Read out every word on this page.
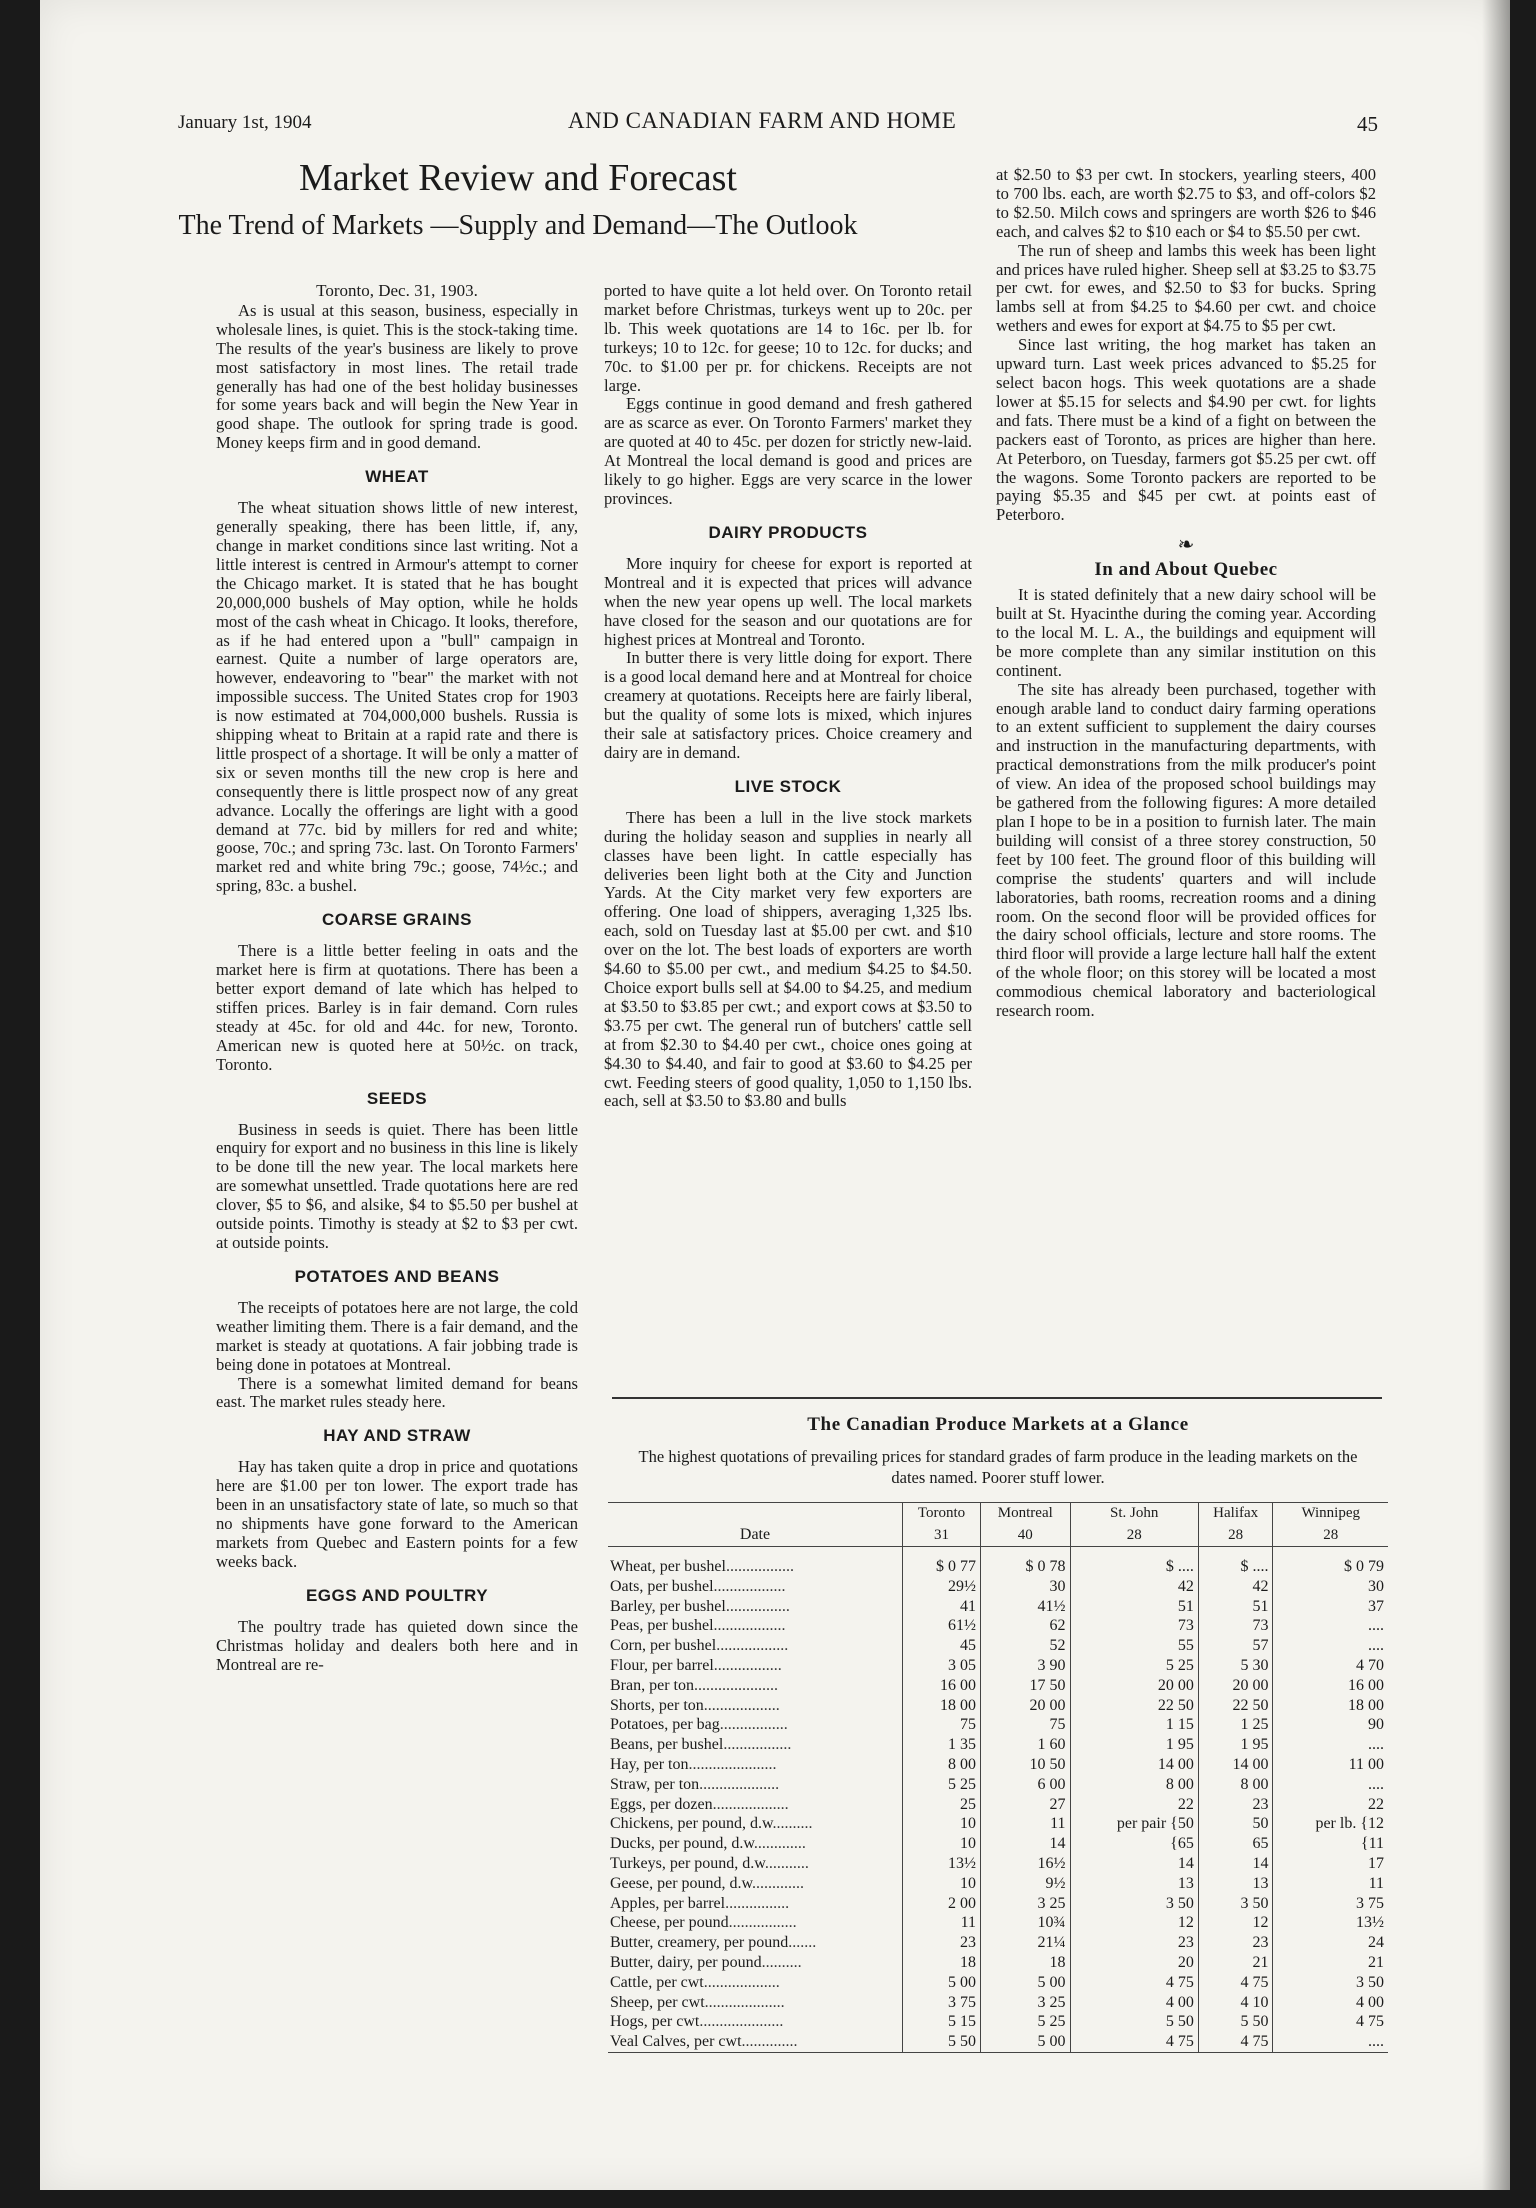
January 1st, 1904	AND CANADIAN FARM AND HOME	45
Market Review and Forecast
The Trend of Markets —Supply and Demand—The Outlook

Toronto, Dec. 31, 1903.

As is usual at this season, business, especially in wholesale lines, is quiet. This is the stock-taking time. The results of the year's business are likely to prove most satisfactory in most lines. The retail trade generally has had one of the best holiday businesses for some years back and will begin the New Year in good shape. The outlook for spring trade is good. Money keeps firm and in good demand.

WHEAT

The wheat situation shows little of new interest, generally speaking, there has been little, if, any, change in market conditions since last writing. Not a little interest is centred in Armour's attempt to corner the Chicago market. It is stated that he has bought 20,000,000 bushels of May option, while he holds most of the cash wheat in Chicago. It looks, therefore, as if he had entered upon a "bull" campaign in earnest. Quite a number of large operators are, however, endeavoring to "bear" the market with not impossible success. The United States crop for 1903 is now estimated at 704,000,000 bushels. Russia is shipping wheat to Britain at a rapid rate and there is little prospect of a shortage. It will be only a matter of six or seven months till the new crop is here and consequently there is little prospect now of any great advance. Locally the offerings are light with a good demand at 77c. bid by millers for red and white; goose, 70c.; and spring 73c. last. On Toronto Farmers' market red and white bring 79c.; goose, 74½c.; and spring, 83c. a bushel.

COARSE GRAINS

There is a little better feeling in oats and the market here is firm at quotations. There has been a better export demand of late which has helped to stiffen prices. Barley is in fair demand. Corn rules steady at 45c. for old and 44c. for new, Toronto. American new is quoted here at 50½c. on track, Toronto.

SEEDS

Business in seeds is quiet. There has been little enquiry for export and no business in this line is likely to be done till the new year. The local markets here are somewhat unsettled. Trade quotations here are red clover, $5 to $6, and alsike, $4 to $5.50 per bushel at outside points. Timothy is steady at $2 to $3 per cwt. at outside points.

POTATOES AND BEANS

The receipts of potatoes here are not large, the cold weather limiting them. There is a fair demand, and the market is steady at quotations. A fair jobbing trade is being done in potatoes at Montreal.

There is a somewhat limited demand for beans east. The market rules steady here.

HAY AND STRAW

Hay has taken quite a drop in price and quotations here are $1.00 per ton lower. The export trade has been in an unsatisfactory state of late, so much so that no shipments have gone forward to the American markets from Quebec and Eastern points for a few weeks back.

EGGS AND POULTRY

The poultry trade has quieted down since the Christmas holiday and dealers both here and in Montreal are re-

ported to have quite a lot held over. On Toronto retail market before Christmas, turkeys went up to 20c. per lb. This week quotations are 14 to 16c. per lb. for turkeys; 10 to 12c. for geese; 10 to 12c. for ducks; and 70c. to $1.00 per pr. for chickens. Receipts are not large.

Eggs continue in good demand and fresh gathered are as scarce as ever. On Toronto Farmers' market they are quoted at 40 to 45c. per dozen for strictly new-laid. At Montreal the local demand is good and prices are likely to go higher. Eggs are very scarce in the lower provinces.

DAIRY PRODUCTS

More inquiry for cheese for export is reported at Montreal and it is expected that prices will advance when the new year opens up well. The local markets have closed for the season and our quotations are for highest prices at Montreal and Toronto.

In butter there is very little doing for export. There is a good local demand here and at Montreal for choice creamery at quotations. Receipts here are fairly liberal, but the quality of some lots is mixed, which injures their sale at satisfactory prices. Choice creamery and dairy are in demand.

LIVE STOCK

There has been a lull in the live stock markets during the holiday season and supplies in nearly all classes have been light. In cattle especially has deliveries been light both at the City and Junction Yards. At the City market very few exporters are offering. One load of shippers, averaging 1,325 lbs. each, sold on Tuesday last at $5.00 per cwt. and $10 over on the lot. The best loads of exporters are worth $4.60 to $5.00 per cwt., and medium $4.25 to $4.50. Choice export bulls sell at $4.00 to $4.25, and medium at $3.50 to $3.85 per cwt.; and export cows at $3.50 to $3.75 per cwt. The general run of butchers' cattle sell at from $2.30 to $4.40 per cwt., choice ones going at $4.30 to $4.40, and fair to good at $3.60 to $4.25 per cwt. Feeding steers of good quality, 1,050 to 1,150 lbs. each, sell at $3.50 to $3.80 and bulls

at $2.50 to $3 per cwt. In stockers, yearling steers, 400 to 700 lbs. each, are worth $2.75 to $3, and off-colors $2 to $2.50. Milch cows and springers are worth $26 to $46 each, and calves $2 to $10 each or $4 to $5.50 per cwt.

The run of sheep and lambs this week has been light and prices have ruled higher. Sheep sell at $3.25 to $3.75 per cwt. for ewes, and $2.50 to $3 for bucks. Spring lambs sell at from $4.25 to $4.60 per cwt. and choice wethers and ewes for export at $4.75 to $5 per cwt.

Since last writing, the hog market has taken an upward turn. Last week prices advanced to $5.25 for select bacon hogs. This week quotations are a shade lower at $5.15 for selects and $4.90 per cwt. for lights and fats. There must be a kind of a fight on between the packers east of Toronto, as prices are higher than here. At Peterboro, on Tuesday, farmers got $5.25 per cwt. off the wagons. Some Toronto packers are reported to be paying $5.35 and $45 per cwt. at points east of Peterboro.

❧
In and About Quebec

It is stated definitely that a new dairy school will be built at St. Hyacinthe during the coming year. According to the local M. L. A., the buildings and equipment will be more complete than any similar institution on this continent.

The site has already been purchased, together with enough arable land to conduct dairy farming operations to an extent sufficient to supplement the dairy courses and instruction in the manufacturing departments, with practical demonstrations from the milk producer's point of view. An idea of the proposed school buildings may be gathered from the following figures: A more detailed plan I hope to be in a position to furnish later. The main building will consist of a three storey construction, 50 feet by 100 feet. The ground floor of this building will comprise the students' quarters and will include laboratories, bath rooms, recreation rooms and a dining room. On the second floor will be provided offices for the dairy school officials, lecture and store rooms. The third floor will provide a large lecture hall half the extent of the whole floor; on this storey will be located a most commodious chemical laboratory and bacteriological research room.

The Canadian Produce Markets at a Glance
The highest quotations of prevailing prices for standard grades of farm produce in the leading markets on the dates named. Poorer stuff lower.
	Toronto	Montreal	St. John	Halifax	Winnipeg
Date	31	40	28	28	28

Wheat, per bushel.................	$ 0 77	$ 0 78	$ ....	$ ....	$ 0 79
Oats, per bushel..................	29½	30	42	42	30
Barley, per bushel................	41	41½	51	51	37
Peas, per bushel..................	61½	62	73	73	....
Corn, per bushel..................	45	52	55	57	....
Flour, per barrel.................	3 05	3 90	5 25	5 30	4 70
Bran, per ton.....................	16 00	17 50	20 00	20 00	16 00
Shorts, per ton...................	18 00	20 00	22 50	22 50	18 00
Potatoes, per bag.................	75	75	1 15	1 25	90
Beans, per bushel.................	1 35	1 60	1 95	1 95	....
Hay, per ton......................	8 00	10 50	14 00	14 00	11 00
Straw, per ton....................	5 25	6 00	8 00	8 00	....
Eggs, per dozen...................	25	27	22	23	22
Chickens, per pound, d.w..........	10	11	per pair {50	50	per lb. {12
Ducks, per pound, d.w.............	10	14	{65	65	{11
Turkeys, per pound, d.w...........	13½	16½	14	14	17
Geese, per pound, d.w.............	10	9½	13	13	11
Apples, per barrel................	2 00	3 25	3 50	3 50	3 75
Cheese, per pound.................	11	10¾	12	12	13½
Butter, creamery, per pound.......	23	21¼	23	23	24
Butter, dairy, per pound..........	18	18	20	21	21
Cattle, per cwt...................	5 00	5 00	4 75	4 75	3 50
Sheep, per cwt....................	3 75	3 25	4 00	4 10	4 00
Hogs, per cwt.....................	5 15	5 25	5 50	5 50	4 75
Veal Calves, per cwt..............	5 50	5 00	4 75	4 75	....
